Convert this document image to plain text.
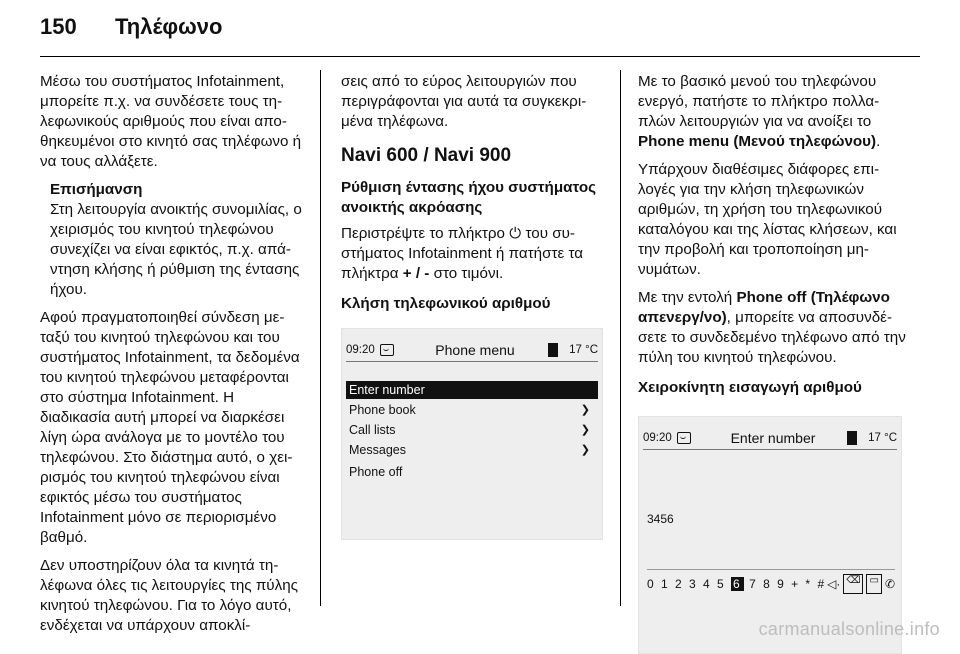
150	Τηλέφωνο

Μέσω του συστήματος Infotainment, μπορείτε π.χ. να συνδέσετε τους τηλεφωνικούς αριθμούς που είναι αποθηκευμένοι στο κινητό σας τηλέφωνο ή να τους αλλάξετε.

Επισήμανση
Στη λειτουργία ανοικτής συνομιλίας, ο χειρισμός του κινητού τηλεφώνου συνεχίζει να είναι εφικτός, π.χ. απάντηση κλήσης ή ρύθμιση της έντασης ήχου.

Αφού πραγματοποιηθεί σύνδεση μεταξύ του κινητού τηλεφώνου και του συστήματος Infotainment, τα δεδομένα του κινητού τηλεφώνου μεταφέρονται στο σύστημα Infotainment. Η διαδικασία αυτή μπορεί να διαρκέσει λίγη ώρα ανάλογα με το μοντέλο του τηλεφώνου. Στο διάστημα αυτό, ο χειρισμός του κινητού τηλεφώνου είναι εφικτός μέσω του συστήματος Infotainment μόνο σε περιορισμένο βαθμό.

Δεν υποστηρίζουν όλα τα κινητά τηλέφωνα όλες τις λειτουργίες της πύλης κινητού τηλεφώνου. Για το λόγο αυτό, ενδέχεται να υπάρχουν αποκλί-

σεις από το εύρος λειτουργιών που περιγράφονται για αυτά τα συγκεκριμένα τηλέφωνα.

Navi 600 / Navi 900
Ρύθμιση έντασης ήχου συστήματος ανοικτής ακρόασης

Περιστρέψτε το πλήκτρο ⏻ του συστήματος Infotainment ή πατήστε τα πλήκτρα + / - στο τιμόνι.

Κλήση τηλεφωνικού αριθμού
09:20	Phone menu	17 °C
Enter number
Phone book	❯
Call lists	❯
Messages	❯
Phone off

Με το βασικό μενού του τηλεφώνου ενεργό, πατήστε το πλήκτρο πολλαπλών λειτουργιών για να ανοίξει το Phone menu (Μενού τηλεφώνου).

Υπάρχουν διαθέσιμες διάφορες επιλογές για την κλήση τηλεφωνικών αριθμών, τη χρήση του τηλεφωνικού καταλόγου και της λίστας κλήσεων, και την προβολή και τροποποίηση μηνυμάτων.

Με την εντολή Phone off (Τηλέφωνο απενεργ/νο), μπορείτε να αποσυνδέσετε το συνδεδεμένο τηλέφωνο από την πύλη του κινητού τηλεφώνου.

Χειροκίνητη εισαγωγή αριθμού
09:20	Enter number	17 °C
3456
0 1 2 3 4 5 6 7 8 9 + * # ◁· ⌫ ▭ ✆
carmanualsonline.info
